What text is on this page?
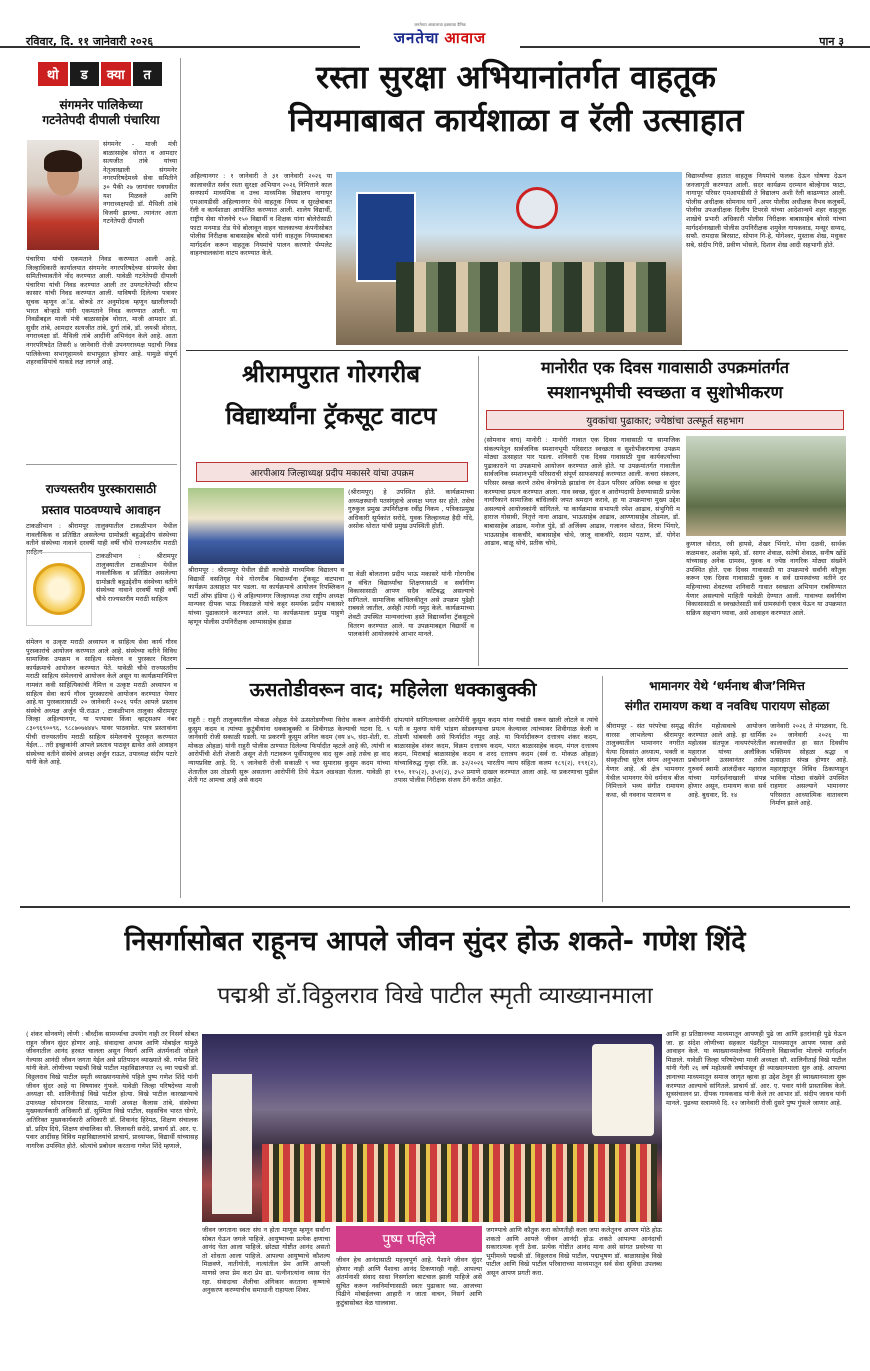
रविवार, दि. ११ जानेवारी २०२६	जनतेचा आवाज
जनतेच्या आवाजाचा हक्काचा दैनिक
पान ३
थो	ड	क्या	त
संगमनेर पालिकेच्या
गटनेतेपदी दीपाली पंचारिया
संगमनेर - माजी मंत्री बाळासाहेब थोरात व आमदार सत्यजीत तांबे यांच्या नेतृत्वाखाली संगमनेर नगरपरिषदेमध्ये सेवा समितीने ३० पैकी २७ जागांवर घवघवीत यश मिळवले आणि नगराध्यक्षपदी डॉ. मैथिली तांबे विजयी झाल्या. त्यानंतर आता गटनेतेपदी दीपाली
पंचारिया यांची एकमताने निवड करण्यात आली आहे. जिल्हाधिकारी कार्यालयात संगमनेर नगरपरिषदेच्या संगमनेर सेवा समितीच्यावतीने नोंद करण्यात आली. यावेळी गटनेतेपदी दीपाली पंचारिया यांची निवड करण्यात आली तर उपगटनेतेपदी सौरभ कासार यांची निवड करण्यात आली. याविषयी दिलेल्या पत्रावर सूचक म्हणून अॅड. बोरूडे तर अनुमोदक म्हणून खालीलपदी भारत बोऱ्हाडे यांनी एकमताने निवड करण्यात आली. या निवडीबद्दल माजी मंत्री बाळासाहेब थोरात, माजी आमदार डॉ. सुधीर तांबे, आमदार सत्यजीत तांबे, दुर्गा तांबे, डॉ. जयश्री थोरात, नगराध्यक्षा डॉ. मैथिली तांबे आदींनी अभिनंदन केले आहे. आता नगरपरिषदेत तिसरी ४ जानेवारी रोजी उपनगराध्यक्ष पदाची निवड पालिकेच्या सभागृहामध्ये सभापूहात होणार आहे. यामुळे संपूर्ण शहरवासियांचे याकडे लक्ष लागले आहे.
राज्यस्तरीय पुरस्कारासाठी
प्रस्ताव पाठवण्याचे आवाहन
टाकळीभान : श्रीरामपूर तालुक्यातील टाकळीभान येथील नावलौकिक व प्रतिष्ठित असलेल्या ग्रामोन्नती बहुउद्देशीय संस्थेच्या वतीने संस्थेच्या नावाने दरवर्षी याही वर्षी चौथे राज्यस्तरीय मराठी साहित्य
टाकळीभान : श्रीरामपूर तालुक्यातील टाकळीभान येथील नावलौकिक व प्रतिष्ठित असलेल्या ग्रामोन्नती बहुउद्देशीय संस्थेच्या वतीने संस्थेच्या नावाने दरवर्षी याही वर्षी चौथे राज्यस्तरीय मराठी साहित्य
संमेलन व उत्कृष्ट मराठी अध्यापन व साहित्य सेवा कार्य गौरव पुरस्कारांचे आयोजन करण्यात आले आहे. संस्थेच्या वतीने विविध सामाजिक उपक्रम व साहित्य संमेलन व पुरस्कार वितरण कार्यक्रमाचे आयोजन करण्यात येते. यावेळी चौथे राज्यस्तरीय मराठी साहित्य संमेलनाचे आयोजन केले असून या कार्यक्रमानिमित्त नामवंत कवी साहित्यिकांची नैमित्त व उत्कृष्ट मराठी अध्यापन व साहित्य सेवा कार्य गौरव पुरस्काराचे आयोजन करण्यात येणार आहे.या पुरस्कारासाठी २० जानेवारी २०२६ पर्यंत आपले प्रस्ताव संस्थेचे अध्यक्ष अर्जुन पी.राऊत , टाकळीभान तालुका श्रीरामपूर जिल्हा अहिल्यानगर, या पत्त्यावर किंवा व्हाट्सअप नंबर ८३०९६९००९६, ९८८७०७४४४५ यावर पाठवावेत. पात्र प्रस्तावांना पीची राज्यस्तरीय मराठी साहित्य संमेलनाचे पुरस्कृत करण्यात येईल... तरी इच्छुकांनी आपले प्रस्ताव पाठवून द्यावेत असे आवाहन संस्थेच्या वतीने संस्थेचे अध्यक्ष अर्जुन राऊत, उपाध्यक्ष संदीप पटारे यांनी केले आहे.
रस्ता सुरक्षा अभियानांतर्गत वाहतूक
नियमाबाबत कार्यशाळा व रॅली उत्साहात
अहिल्यानगर : १ जानेवारी ते ३१ जानेवारी २०२६ या कालावधीत सर्वत्र रस्ता सुरक्षा अभियान २०२६ निमित्ताने काल सनफार्म माध्यमिक व उच्च माध्यमिक विद्यालय नागापूर एमआयडीसी अहिल्यानगर येथे वाहतूक नियम व सुरक्षेबाबत रॅली व कार्यशाळा आयोजित करण्यात आली. शालेय विद्यार्थी, राष्ट्रीय सेवा योजनेचे १५० विद्यार्थी व शिक्षक यांना बोलेरोसाठी फाटा मनमाड रोड येथे बोलावून वाहन चालकाच्या कंपनीसोबत पोलीस निरीक्षक बाबासाहेब बोरसे यांनी वाहतूक नियमाबाबत मार्गदर्शन करून वाहतूक नियमांचे पालन करणारे पॅम्पलेट वाहनचालकांना वाटप करण्यात केले.
विद्यार्थ्यांच्या हातात वाहतूक नियमांचे फलक देऊन घोषणा देऊन जनजागृती करण्यात आली. सदर कार्यक्रम दरम्यान बोल्हेगाव फाटा, नागापूर परिसर एमआयडीसी ते विद्यालय अशी रॅली काढण्यात आली. पोलीस अधीक्षक सोमनाथ घार्गे ,अपर पोलीस अधीक्षक वैभव कलुबर्मे, पोलीस उपअधीक्षक दिलीप टिपरसे यांच्या आदेशान्वये शहर वाहतूक शाखेचे प्रभारी अधिकारी पोलीस निरीक्षक बाबासाहेब बोरसे यांच्या मार्गदर्शनाखाली पोलीस उपनिरीक्षक शमुवेल गायकवाड, मन्सूर सय्यद, सफौ. रामदास बिरसाट, सोपान गि-हे, योगेश्वर, मुस्ताक शेख, मधुकर सबे, संदीप गिरी, प्रवीण भोसले, दिशान शेख आदी सहभागी होते.
श्रीरामपुरात गोरगरीब
विद्यार्थ्यांना ट्रॅकसूट वाटप
आरपीआय जिल्हाध्यक्ष प्रदीप मकासरे यांचा उपक्रम
(श्रीरामपूर) हे उपस्थित होते. कार्यक्रमाच्या अध्यक्षस्थानी पतसंगृहाचे अध्यक्ष भगत सर होते. तसेच गुरुकुल प्रमुख उपनिरीक्षक रवींद्र निकम , पत्रिकाप्रमुख अधिकारी सूर्यकांत सरोदे, युवक जिल्हाध्यक्ष हैदी गोंदे, असोक थोरात यांची प्रमुख उपस्थिती होती.
श्रीरामपूर : श्रीरामपूर येथील डीडी काचोळे माध्यमिक विद्यालय व विद्यार्थी वसतिगृह येथे गोरगरीब विद्यार्थ्यांना ट्रॅकसूट वाटपाचा कार्यक्रम उत्साहात पार पडला. या कार्यक्रमाचे आयोजन रिपब्लिकन पार्टी ऑफ इंडिया () चे अहिल्यानगर जिल्हाध्यक्ष तथा राष्ट्रीय अध्यक्ष मान्यवर दीपक भाऊ निकाळजे यांचे कट्टर समर्थक प्रदीप मकासरे यांच्या पुढाकाराने करण्यात आले. या कार्यक्रमाला प्रमुख पाहुणे म्हणून पोलीस उपनिरीक्षक आप्पासाहेब हंडाळ
या वेळी बोलताना प्रदीप भाऊ मकासरे यांनी गोरगरीब व वंचित विद्यार्थ्यांचा शिक्षणासाठी व सर्वांगीण विकासासाठी आपण सदैव कटिबद्ध असल्याचे सांगितले. सामाजिक बांधिलकीतून असे उपक्रम पुढेही राबवले जातील, असेही त्यांनी नमूद केले. कार्यक्रमाच्या शेवटी उपस्थित मान्यवरांच्या हस्ते विद्यार्थ्यांना ट्रॅकसूटचे वितरण करण्यात आले. या उपक्रमाबद्दल विद्यार्थी व पालकांनी आयोजकांचे आभार मानले.
मानोरीत एक दिवस गावासाठी उपक्रमांतर्गत
स्मशानभूमीची स्वच्छता व सुशोभीकरण
युवकांचा पुढाकार; ज्येष्ठांचा उत्स्फूर्त सहभाग
(सोमनाथ वाघ) मानोरी : मानोरी गावात एक दिवस गावासाठी या सामाजिक संकल्पनेतून सार्वजनिक स्मशानभूमी परिसरात स्वच्छता व सुशोभीकरणाचा उपक्रम मोठ्या उत्साहात पार पडला. शनिवारी एक दिवस गावासाठी युवा कार्यकर्त्यांच्या पुढाकाराने या उपक्रमाचे आयोजन करण्यात आले होते. या उपक्रमांतर्गत गावातील सार्वजनिक स्मशानभूमी परिसराची संपूर्ण साफसफाई करण्यात आली. कचरा संकलन, परिसर स्वच्छ करणे तसेच वेगवेगळे झाडांना रंग देऊन परिसर अधिक स्वच्छ व सुंदर करण्याचा प्रयत्न करण्यात आला. गाव स्वच्छ, सुंदर व आरोग्यदायी ठेवण्यासाठी प्रत्येक नागरिकाने सामाजिक बांधिलकी जपत श्रमदान करावे, हा या उपक्रमाचा मुख्य उद्देश असल्याचे आयोजकांनी सांगितले. या कार्यक्रमास सभापती रमेश आढाव, संभुगिरी म हाराज गोसावी, नितृत्ते नाना आढाव, भाऊसाहेब आढाव, आण्णासाहेब तोडमल, डॉ. बाबासाहेब आढाव, मनोज पुंडे, डॉ अजिंक्य आढाव, गजानन थोरात, विरण भिंगारे, भाऊसाहेब वाकचौरे, बाबासाहेब चोथे, जालू वाकचौरे, सदाम पठाण, डॉ. योगेश आढाव, बाळू थोचे, प्रतीक चोथे,	कुणाल थोरात, रवी हापसे, शेखर भिंगारे, मोगा दळवी, सार्थक कळमकर, अशोक म्हसे, डॉ. सागर शेवाळ, सतेषी शेवाळ, सनीष खोंडे यांच्यासह अनेक ग्रामस्थ, युवक व ज्येष्ठ नागरिक मोठ्या संख्येने उपस्थित होते. एक दिवस गावासाठी या उपक्रमाचे सर्वांनी कौतुक करून एक दिवस गावासाठी युवक व सर्व ग्रामस्थांच्या वतीने दर महिन्याच्या शेवटच्या शनिवारी गावात स्वच्छता अभियान राबविण्यात येणार असल्याचे माहिती यावेळी देण्यात आली. गावाच्या सर्वांगीण विकासासाठी व स्वच्छतेसाठी सर्व ग्रामस्थांनी एकत्र येऊन या उपक्रमात सक्रिय सहभाग घ्यावा, असे आवाहन करण्यात आले.
ऊसतोडीवरून वाद; महिलेला धक्काबुक्की
राहुरी : राहुरी तालुक्यातील मोकळ ओहळ येथे ऊसतोडणीच्या विरोध करून आरोपींनी कुसुम कदम व त्यांच्या कुटुंबीयांना धक्काबुक्की व शिवीगाळ केल्याची घटना दि. ९ जानेवारी रोजी सकाळी घडली. या प्रकरणी कुसुम अनिल कदम (वय ४५, धंदा-शेती, रा. मोकळ ओहळ) यांनी राहुरी पोलीस ठाण्यात दिलेल्या फिर्यादीत म्हटले आहे की, त्यांची व आरोपींची शेती शेजारी असून शेती गटावरून पूर्वीपासूनच वाद सुरू आहे तसेच हा वाद न्यायप्रविष्ट आहे. दि. ९ जानेवारी रोजी सकाळी ९ च्या सुमारास कुसुम कदम यांच्या शेतातील उस तोडणी सुरू असताना आरोपींनी तिथे येऊन अडथळा घेतला. यावेळी हा शेती गट आमचा आहे असे कदम
दांपत्यांने सांगितल्यावर आरोपींनी कुसुम कदम यांना गचांडी धरून खाली लोटले व त्यांचे पती व मुलगा यांनी भांडण सोडवण्याचा प्रयत्न केल्यावर त्यांच्यावर शिवीगाळ केली व तोडणी थांबवली असे फिर्यादीत नमूद आहे. या फिर्यादीवरून दत्तात्रय शंकर कदम, बाळासाहेब शंकर कदम, विक्रम दत्तात्रय कदम, भारत बाळासाहेब कदम, मंगल दत्तात्रय कदम, मिराबाई बाळासाहेब कदम व शरद दत्तात्रय कदम (सर्व रा. मोकळ ओहळ) यांच्याविरुद्ध गुन्हा रजि. क्र. ३२/२०२६ भारतीय न्याय संहिता कलम १८९(२), १९१(२), १९०, ११५(२), ३५१(२), ३५२ प्रमाणे दाखल करण्यात आला आहे. या प्रकरणाचा पुढील तपास पोलीस निरीक्षक संजय ठेंगे करीत आहेत.
भामानगर येथे ‘धर्मनाथ बीज’निमित्त
संगीत रामायण कथा व नवविध पारायण सोहळा
श्रीरामपूर - संत परंपरेचा समृद्ध वारसा लाभलेल्या श्रीरामपूर तालुक्यातील भामानगर नगरीत येत्या दिवसांत अध्यात्म, भक्ती व संस्कृतीचा सुरेल संगम अनुभवता येणार आहे. श्री क्षेत्र भामनगर येथील भामनगर येथे धर्मनाथ बीज निमित्ताने भव्य संगीत रामायण कथा, श्री नवनाथ पारायण व
कीर्तन महोत्सवाचे आयोजन करण्यात आले आहे. हा धार्मिक महोत्सव संतपूज नाथपरंपरेतील महाराज यांच्या अलौकिक प्रबोधनाने उत्सवानंतर तसेच गुरुवर्य स्वामी आलंदीकर महाराज यांच्या मार्गदर्शनाखाली संपन्न होणार असून, रामायण कथा सर्व आहे. बुधवार, दि. १४
जानेवारी २०२६ ते मंगळवार, दि. २० जानेवारी २०२६ या कालावधीत हा सात दिवसीय भक्तिमय सोहळा श्रद्धा व उत्साहात संपन्न होणार आहे. महाराष्ट्रातून विविध ठिकाणाहून भाविक मोठ्या संख्येने उपस्थित राहणार असल्याने भामानगर परिसरात आध्यात्मिक वातावरण निर्माण झाले आहे.
निसर्गासोबत राहूनच आपले जीवन सुंदर होऊ शकते- गणेश शिंदे
पद्मश्री डॉ.विठ्ठलराव विखे पाटील स्मृती व्याख्यानमाला
( शंकर सोनवणे) लोणी : बौध्दीक सामर्थ्याचा उपयोग नाही तर निसर्ग सोबत राहून जीवन सुंदर होणार आहे. संवादाचा अभाव आणि मोबाईल यामुळे जीवनातील आनंद हरवत चालला असून निसर्ग आणि अंतर्मनाशी जोडले गेल्यास आनंदी जीवन जगता येईल असे प्रतिपादन व्याख्याते श्री. गणेश शिंदे यांनी केले. लोणीच्या पद्मश्री विखे पाटील महाविद्यालयात २६ व्या पद्मश्री डॉ. विठ्ठलराव विखे पाटील स्मृती व्याख्यानमालेचे पहिले पुष्प गणेश शिंदे यांनी जीवन सुंदर आहे या विषयावर गुंफले. यावेळी जिल्हा परिषदेच्या माजी अध्यक्षा सौ. शालिनीताई विखे पाटील होत्या. विखे पाटील कारखान्याचे उपाध्यक्ष सोपानराव शिरसाठ, माजी अध्यक्ष कैलास तांबे, संस्थेच्या मुख्यकार्यकारी अधिकारी डॉ. सुस्मिता विखे पाटील, सहसचिव भारत घोगरे, अतिरिक्त मुख्यकार्यकारी अधिकारी डॉ. शिवानंद हिरेमठ, शिक्षण संचालक डॉ. प्रदिप दिघे, शिक्षण संचालिका सौ. लिलावती सरोदे, प्राचार्य डॉ. आर. ए. पवार आदींसह विविध महाविद्यालयांचे प्राचार्य, प्राध्यापक, विद्यार्थी यांच्यासह नागरिक उपस्थित होते. श्रोत्यांचे प्रबोधन करताना गणेश शिंदे म्हणाले,
जीवन जगताना स्वतः संघ न होता माणूस म्हणून सर्वांना सोबत घेऊन जगले पाहिजे. आयुष्याच्या प्रत्येक क्षणाचा आनंद घेता आला पाहिजे. छोट्या गोष्टीत आनंद असतो तो शोधता आला पाहिजे. आपल्या आयुष्याचे कौशल्य मिळवणे, नातीगोती, नात्यांतील प्रेम आणि आपली माणसे जपा प्रेम करा प्रेम द्या. पत्नीनात्यांना ध्यास घेत रहा. संवादाचा शैलीचा अंगिकार करताना कृष्णाचे अनुकरण करण्याचीच समाधानी राहायला शिका.
पुष्प पहिले
जीवन हेच आनंदासाठी महत्त्वपूर्ण आहे. पैशाने जीवन सुंदर होणार नाही आणि पैशाचा आनंद टिकणारही नाही. आपल्या अंतर्मनाशी संवाद साधा निसर्गाला बाटचाल झाली पाहिजे असे सूचित करून नवनिर्माणासाठी स्वतः पुढाकार घ्या. आजच्या पिढीने मोबाईलच्या आहारी न जाता वाचन, निसर्ग आणि कुटुंबासोबत वेळ घालवावा.
जगण्याचे आणि कौतुक करा कोणतीही कला जपा कलेतूनच आपण मोठे होऊ शकतो आणि आपले जीवन आनंदी होऊ शकते आपल्या आनंदाची सकारात्मक वृत्ती ठेवा. प्रत्येक गोष्टीत आनंद माना असे सांगत प्रवरेच्या या भूमीमध्ये पद्मश्री डॉ. विठ्ठलराव विखे पाटील, पद्मभूषण डॉ. बाळासाहेब विखे पाटील आणि विखे पाटील परिवाराच्या माध्यमातून सर्व सेवा सुविधा उपलब्ध असून आपण प्रगती करा.
आणि हा प्रतिष्ठानच्या माध्यमातून आपणही पुढे जा आणि इतरांनाही पुढे घेऊन जा. हा संदेश लोणीच्या सहकार पंढरीतून माध्यमातून आपण घ्यावा असे आवाहन केले. या व्याख्यानमालेच्या निमित्ताने विद्यार्थ्यांना मोलाचे मार्गदर्शन मिळाले. यावेळी जिल्हा परिषदेच्या माजी अध्यक्षा सौ. शालिनीताई विखे पाटील यांनी गेली २६ वर्ष महोत्सवी वर्षापासून ही व्याख्यानमाला सुरु आहे. आपल्या ज्ञानाच्या माध्यमातून समाज जागृत व्हावा हा उद्देश ठेवून ही व्याख्यानमाला सुरू करण्यात आल्याचे सांगितले. प्राचार्य डॉ. आर. ए. पवार यांनी प्रास्ताविक केले. सूत्रसंचालन प्रा. दीपक गायकवाड यांनी केले तर आभार डॉ. संदीप जाधव यांनी मानले. पुढच्या सत्रामध्ये दि. १२ जानेवारी रोजी दुसरे पुष्प गुंफले जाणार आहे.
